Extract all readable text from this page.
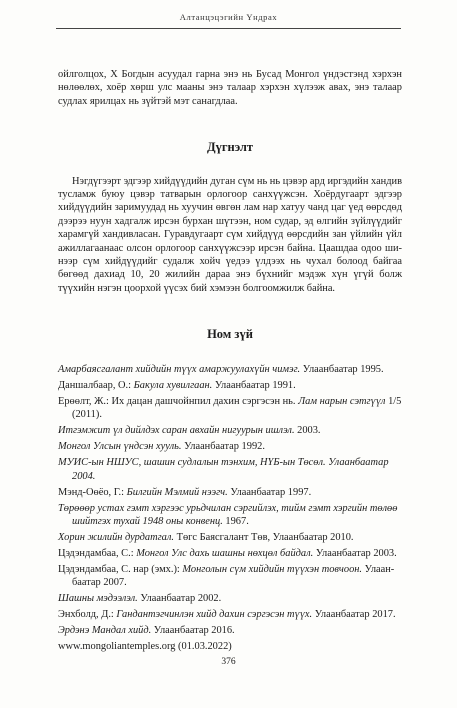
Алтанцэцэгийн Үндрах

ойлголцох, Х Богдын асуудал гарна энэ нь Бусад Монгол үндэстэнд хэрхэн нөлөөлөх, хоёр хөрш улс мааны энэ талаар хэрхэн хүлээж авах, энэ талаар судлах ярилцах нь зүйтэй мэт санагдлаа.

Дүгнэлт

Нэгдүгээрт эдгээр хийдүүдийн дуган сүм нь нь цэвэр ард иргэдийн хандив тусламж буюу цэвэр татварын орлогоор санхүүжсэн. Хоёрдугаарт эдгээр хийдүүдийн заримуудад нь хуучин өвгөн лам нар хатуу чанд цаг үед өөрсдөд дээрээ нуун хадгалж ирсэн бурхан шүтээн, ном судар, эд өлгийн зүйлүүдийг харамгүй хандивласан. Гуравдугаарт сүм хийдүүд өөрсдийн зан үйлийн үйл ажиллагаанаас олсон орлогоор санхүүжсээр ирсэн байна. Цаашдаа одоо шинээр сүм хийдүүдийг судалж хойч үедээ үлдээх нь чухал болоод байгаа бөгөөд дахиад 10, 20 жилийн дараа энэ бүхнийг мэдэж хүн үгүй болж түүхийн нэгэн цоорхой үүсэх бий хэмээн болгоомжилж байна.

Ном зүй

Амарбаясгалант хийдийн түүх амаржуулахүйн чимэг. Улаанбаатар 1995.

Даншалбаар, О.: Бакула хувилгаан. Улаанбаатар 1991.

Ерөөлт, Ж.: Их дацан дашчойнпил дахин сэргэсэн нь. Лам нарын сэтгүүл 1/5 (2011).

Итгэмжит үл дийлдэх саран авхайн нигуурын ишлэл. 2003.

Монгол Улсын үндсэн хууль. Улаанбаатар 1992.

МУИС-ын НШУС, шашин судлалын тэнхим, НҮБ-ын Төсөл. Улаанбаатар 2004.

Мэнд-Оөёо, Г.: Билгийн Мэлмий нээгч. Улаанбаатар 1997.

Төрөөөр устах гэмт хэргээс урьдчилан сэргийлэх, тийм гэмт хэргийн төлөө шийтгэх тухай 1948 оны конвенц. 1967.

Хорин жилийн дурдатгал. Төгс Баясгалант Төв, Улаанбаатар 2010.

Цэдэндамбаа, С.: Монгол Улс дахь шашны нөхцөл байдал. Улаанбаатар 2003.

Цэдэндамбаа, С. нар (эмх.): Монголын сүм хийдийн түүхэн товчоон. Улаанбаатар 2007.

Шашны мэдээлэл. Улаанбаатар 2002.

Энхболд, Д.: Гандантэгчинлэн хийд дахин сэргэсэн түүх. Улаанбаатар 2017.

Эрдэнэ Мандал хийд. Улаанбаатар 2016.

www.mongoliantemples.org (01.03.2022)

376
